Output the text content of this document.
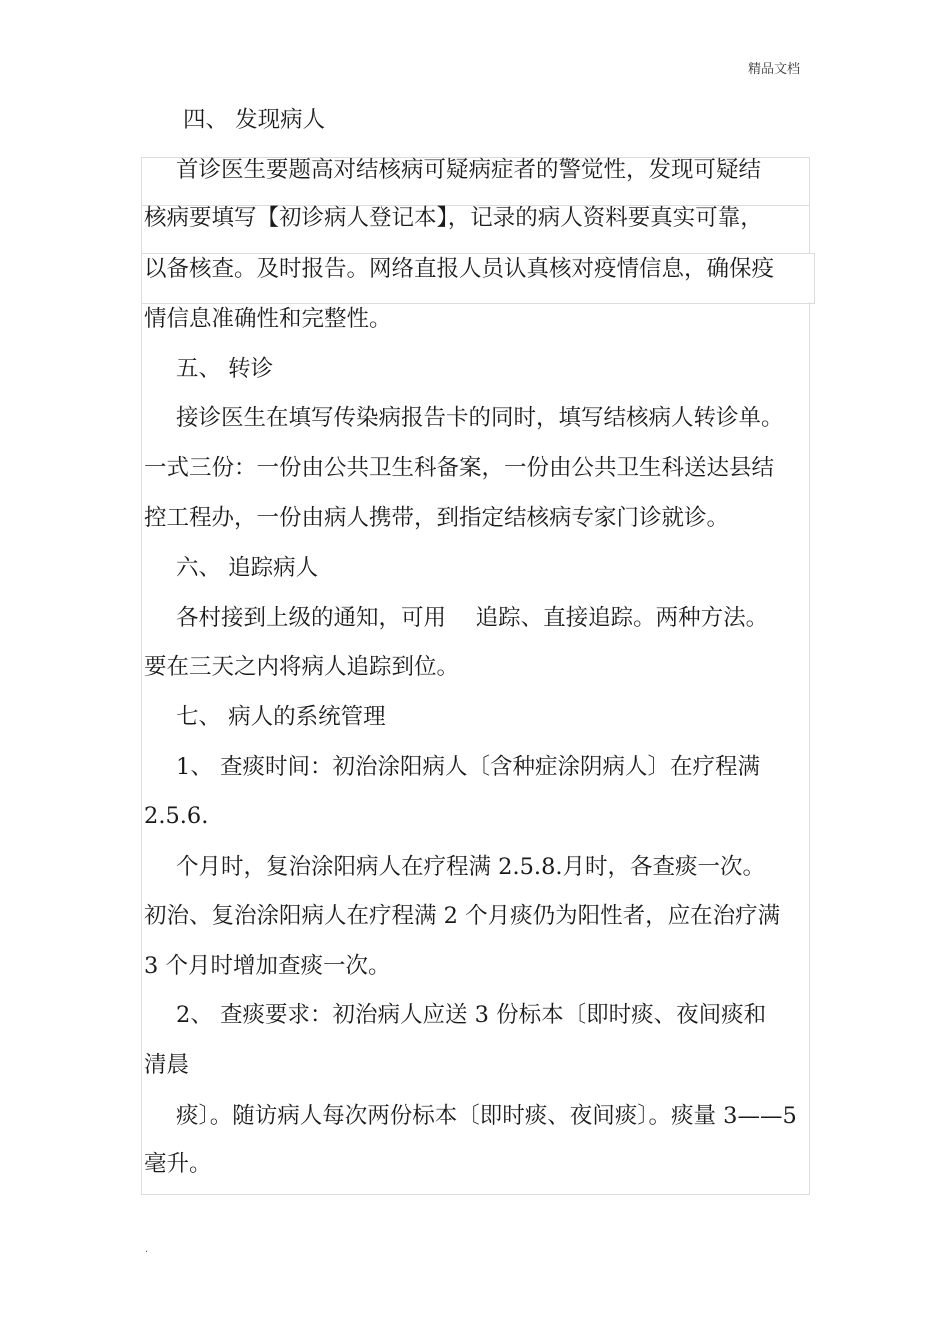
精品文档
四、 发现病人
首诊医生要题高对结核病可疑病症者的警觉性，发现可疑结
核病要填写【初诊病人登记本】，记录的病人资料要真实可靠，
以备核查。及时报告。网络直报人员认真核对疫情信息，确保疫
情信息准确性和完整性。
五、 转诊
接诊医生在填写传染病报告卡的同时，填写结核病人转诊单。
一式三份：一份由公共卫生科备案，一份由公共卫生科送达县结
控工程办，一份由病人携带，到指定结核病专家门诊就诊。
六、 追踪病人
各村接到上级的通知，可用　 追踪、直接追踪。两种方法。
要在三天之内将病人追踪到位。
七、 病人的系统管理
1、 查痰时间：初治涂阳病人〔含种症涂阴病人〕在疗程满
2.5.6.
个月时，复治涂阳病人在疗程满 2.5.8.月时，各查痰一次。
初治、复治涂阳病人在疗程满 2 个月痰仍为阳性者，应在治疗满
3 个月时增加查痰一次。
2、 查痰要求：初治病人应送 3 份标本〔即时痰、夜间痰和
清晨
痰〕。随访病人每次两份标本〔即时痰、夜间痰〕。痰量 3——5
毫升。
.
